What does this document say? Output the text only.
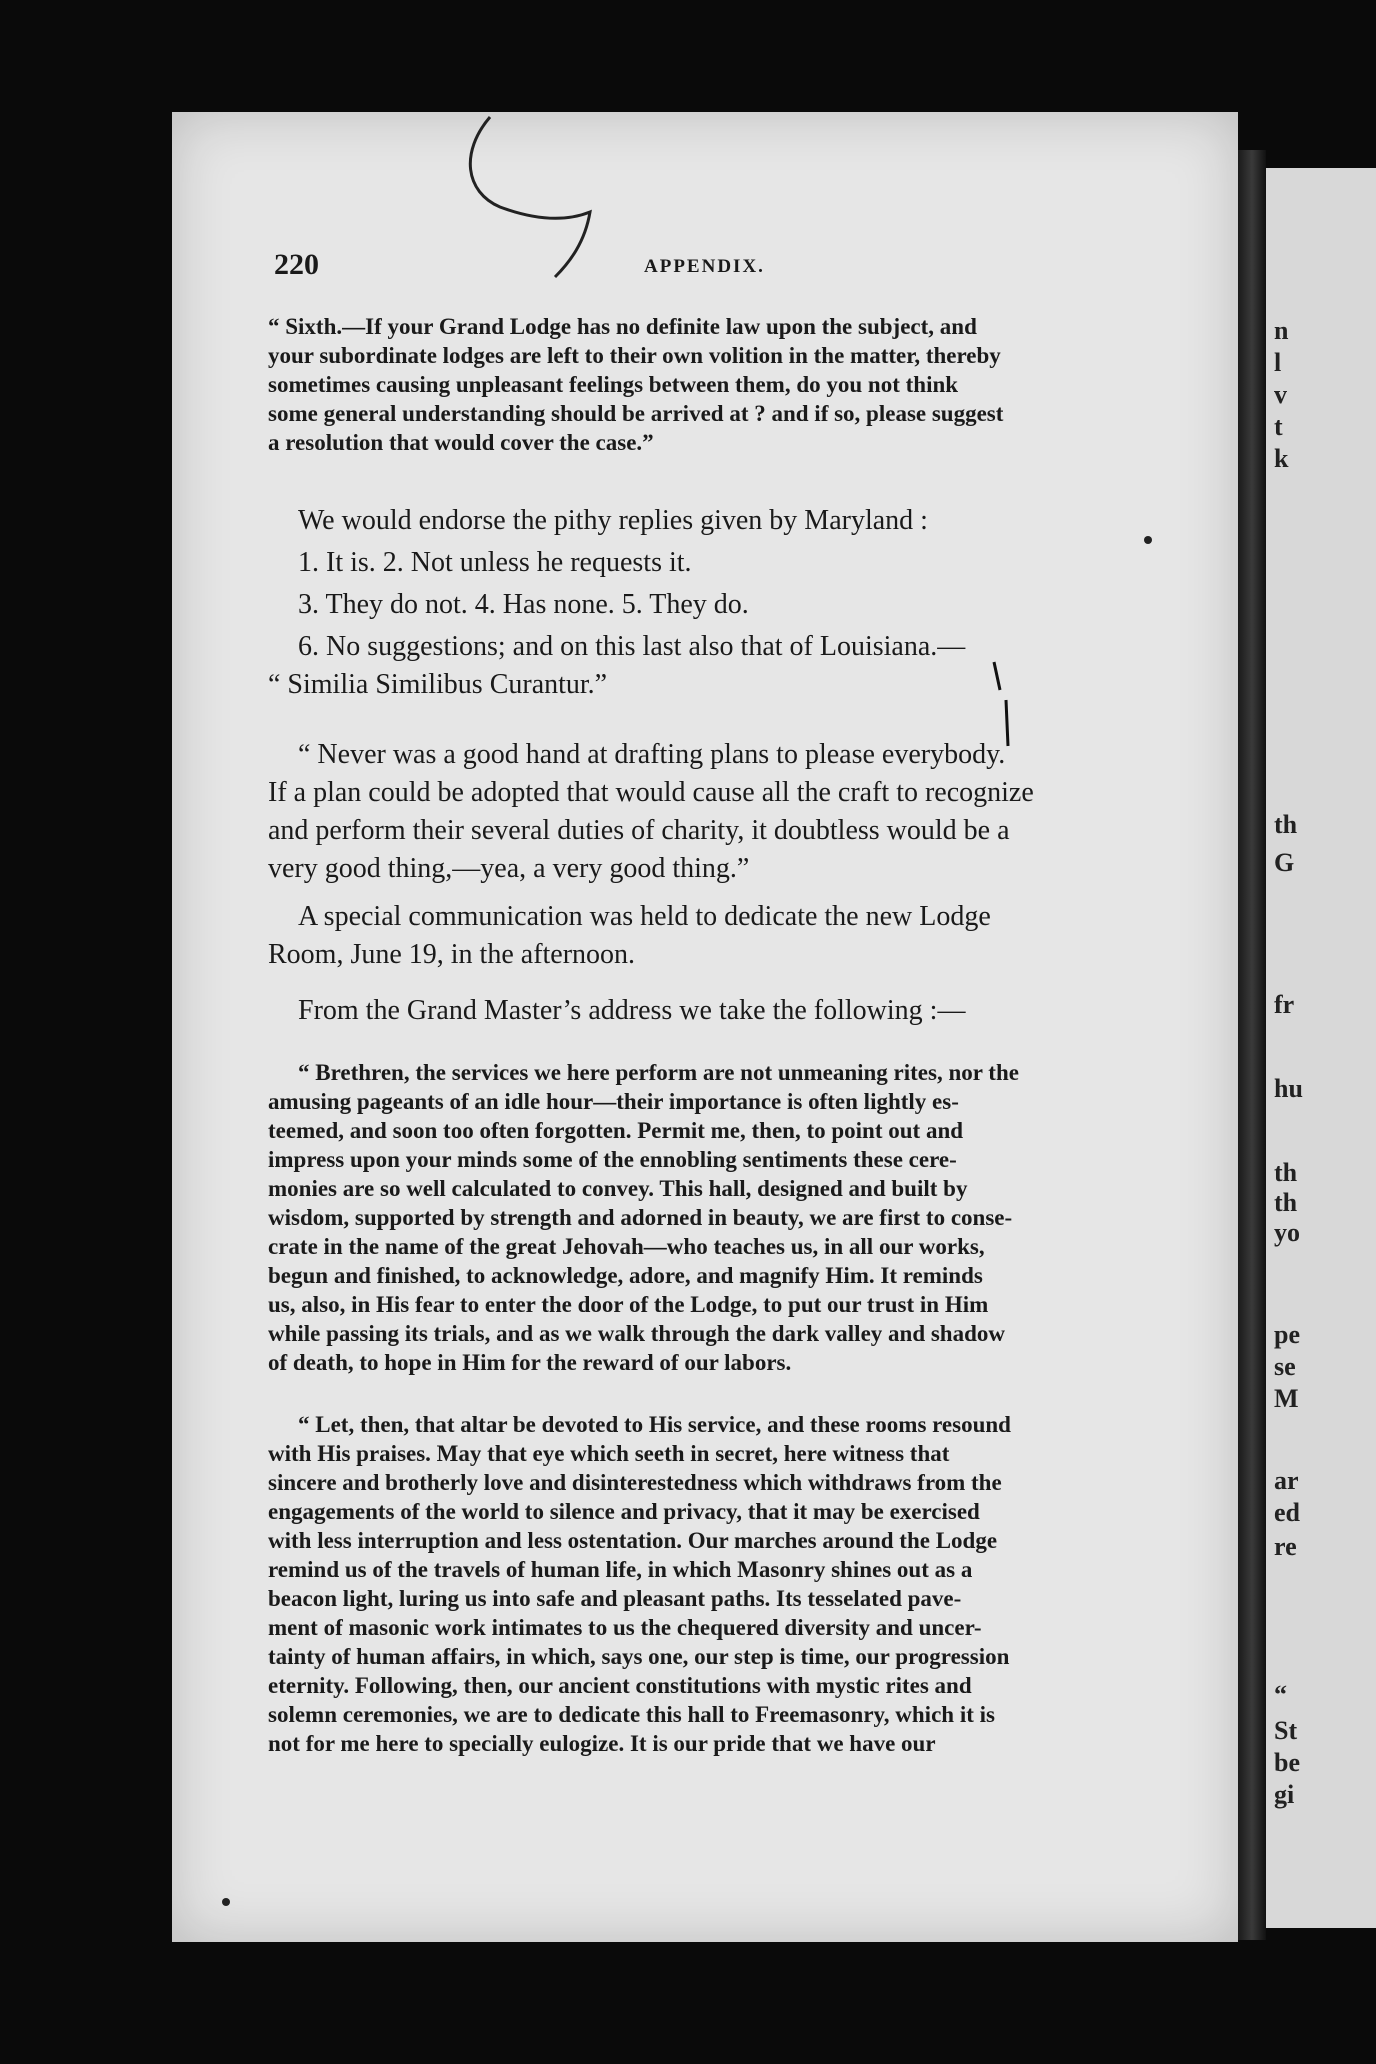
n
l
v
t
k
th
G
fr
hu
th
th
yo
pe
se
M
ar
ed
re
“
St
be
gi
220	APPENDIX.
“ Sixth.—If your Grand Lodge has no definite law upon the subject, and
your subordinate lodges are left to their own volition in the matter, thereby
sometimes causing unpleasant feelings between them, do you not think
some general understanding should be arrived at ? and if so, please suggest
a resolution that would cover the case.”
We would endorse the pithy replies given by Maryland :
1. It is. 2. Not unless he requests it.
3. They do not. 4. Has none. 5. They do.
6. No suggestions; and on this last also that of Louisiana.—
“ Similia Similibus Curantur.”
“ Never was a good hand at drafting plans to please everybody.
If a plan could be adopted that would cause all the craft to recognize
and perform their several duties of charity, it doubtless would be a
very good thing,—yea, a very good thing.”
A special communication was held to dedicate the new Lodge
Room, June 19, in the afternoon.
From the Grand Master’s address we take the following :—
“ Brethren, the services we here perform are not unmeaning rites, nor the
amusing pageants of an idle hour—their importance is often lightly es-
teemed, and soon too often forgotten. Permit me, then, to point out and
impress upon your minds some of the ennobling sentiments these cere-
monies are so well calculated to convey. This hall, designed and built by
wisdom, supported by strength and adorned in beauty, we are first to conse-
crate in the name of the great Jehovah—who teaches us, in all our works,
begun and finished, to acknowledge, adore, and magnify Him. It reminds
us, also, in His fear to enter the door of the Lodge, to put our trust in Him
while passing its trials, and as we walk through the dark valley and shadow
of death, to hope in Him for the reward of our labors.
“ Let, then, that altar be devoted to His service, and these rooms resound
with His praises. May that eye which seeth in secret, here witness that
sincere and brotherly love and disinterestedness which withdraws from the
engagements of the world to silence and privacy, that it may be exercised
with less interruption and less ostentation. Our marches around the Lodge
remind us of the travels of human life, in which Masonry shines out as a
beacon light, luring us into safe and pleasant paths. Its tesselated pave-
ment of masonic work intimates to us the chequered diversity and uncer-
tainty of human affairs, in which, says one, our step is time, our progression
eternity. Following, then, our ancient constitutions with mystic rites and
solemn ceremonies, we are to dedicate this hall to Freemasonry, which it is
not for me here to specially eulogize. It is our pride that we have our
